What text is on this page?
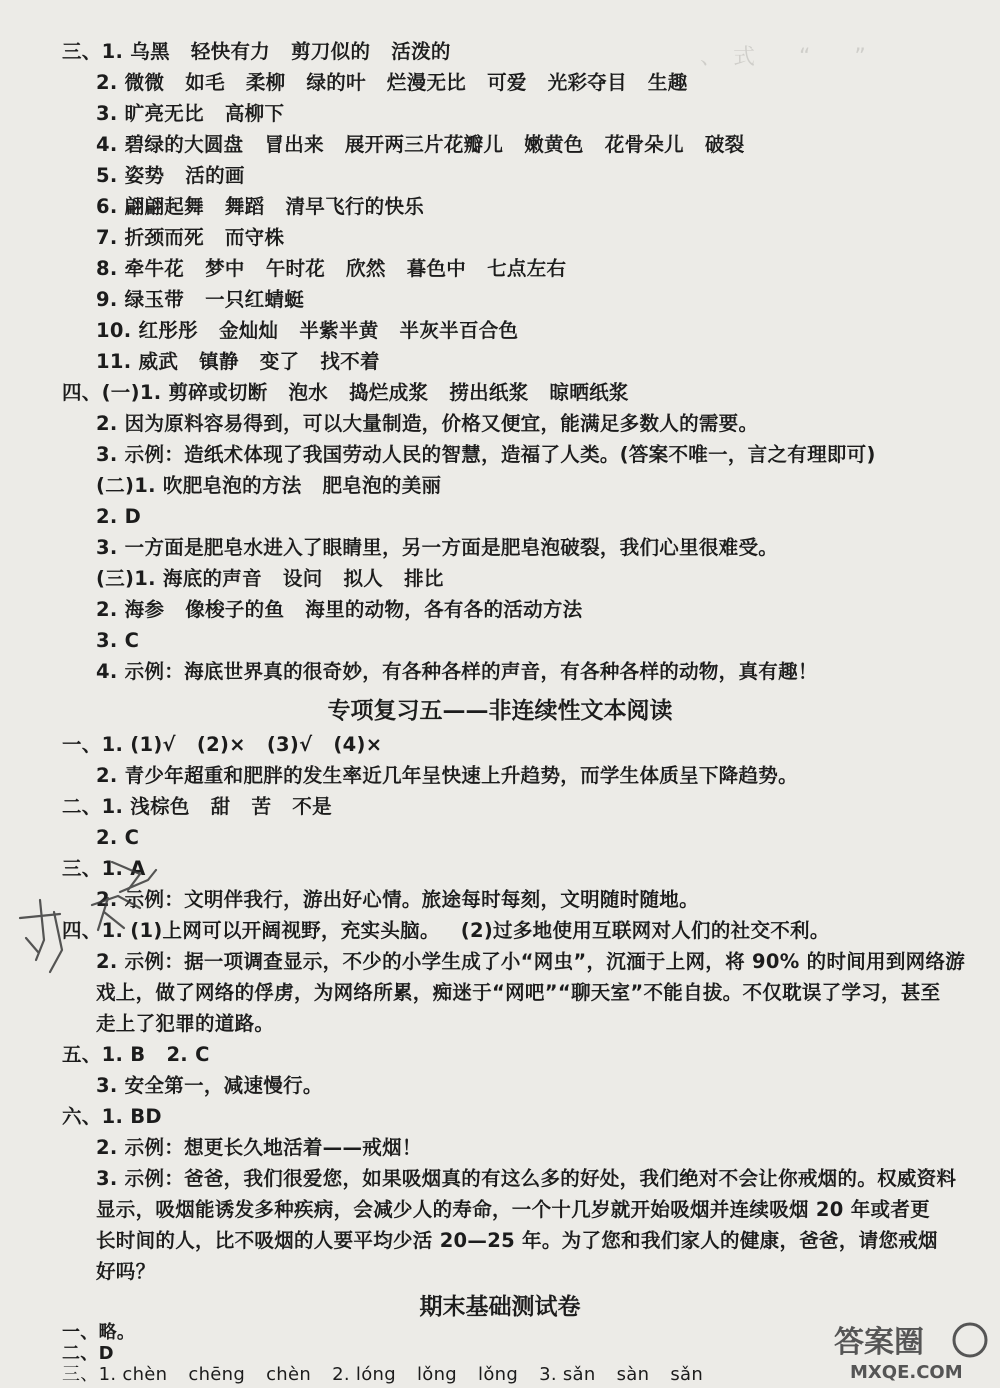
、　式　　“　　”　　　　　

三、1. 乌黑 轻快有力 剪刀似的 活泼的
2. 微微 如毛 柔柳 绿的叶 烂漫无比 可爱 光彩夺目 生趣
3. 旷亮无比 高柳下
4. 碧绿的大圆盘 冒出来 展开两三片花瓣儿 嫩黄色 花骨朵儿 破裂
5. 姿势 活的画
6. 翩翩起舞 舞蹈 清早飞行的快乐
7. 折颈而死 而守株
8. 牵牛花 梦中 午时花 欣然 暮色中 七点左右
9. 绿玉带 一只红蜻蜓
10. 红彤彤 金灿灿 半紫半黄 半灰半百合色
11. 威武 镇静 变了 找不着
四、(一)1. 剪碎或切断 泡水 捣烂成浆 捞出纸浆 晾晒纸浆
2. 因为原料容易得到，可以大量制造，价格又便宜，能满足多数人的需要。
3. 示例：造纸术体现了我国劳动人民的智慧，造福了人类。(答案不唯一，言之有理即可)
(二)1. 吹肥皂泡的方法 肥皂泡的美丽
2. D
3. 一方面是肥皂水进入了眼睛里，另一方面是肥皂泡破裂，我们心里很难受。
(三)1. 海底的声音 设问 拟人 排比
2. 海参 像梭子的鱼 海里的动物，各有各的活动方法
3. C
4. 示例：海底世界真的很奇妙，有各种各样的声音，有各种各样的动物，真有趣！
专项复习五——非连续性文本阅读
一、1. (1)√ (2)× (3)√ (4)×
2. 青少年超重和肥胖的发生率近几年呈快速上升趋势，而学生体质呈下降趋势。
二、1. 浅棕色 甜 苦 不是
2. C
三、1. A
2. 示例：文明伴我行，游出好心情。旅途每时每刻，文明随时随地。
四、1. (1)上网可以开阔视野，充实头脑。 (2)过多地使用互联网对人们的社交不利。
2. 示例：据一项调查显示，不少的小学生成了小“网虫”，沉湎于上网，将 90% 的时间用到网络游
戏上，做了网络的俘虏，为网络所累，痴迷于“网吧”“聊天室”不能自拔。不仅耽误了学习，甚至
走上了犯罪的道路。
五、1. B 2. C
3. 安全第一，减速慢行。
六、1. BD
2. 示例：想更长久地活着——戒烟！
3. 示例：爸爸，我们很爱您，如果吸烟真的有这么多的好处，我们绝对不会让你戒烟的。权威资料
显示，吸烟能诱发多种疾病，会减少人的寿命，一个十几岁就开始吸烟并连续吸烟 20 年或者更
长时间的人，比不吸烟的人要平均少活 20—25 年。为了您和我们家人的健康，爸爸，请您戒烟
好吗？
期末基础测试卷
一、略。
二、D
三、1. chèn chēng chèn 2. lóng lǒng lǒng 3. sǎn sàn sǎn
答案圈
MXQE.COM
